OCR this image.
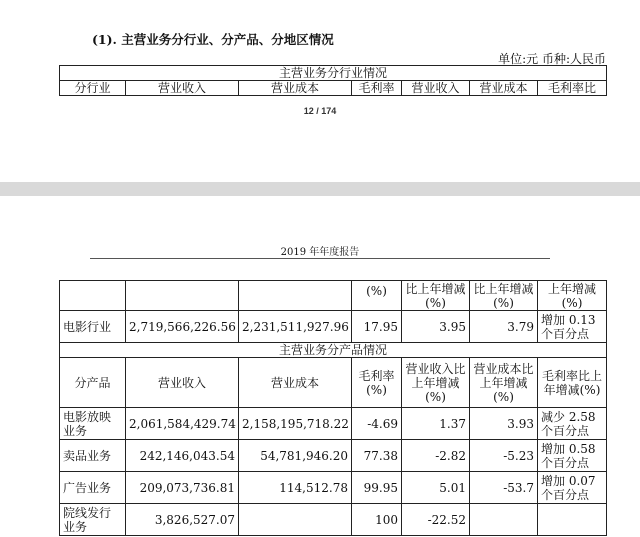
(1). 主营业务分行业、分产品、分地区情况
单位:元 币种:人民币
主营业务分行业情况
分行业	营业收入	营业成本	毛利率	营业收入	营业成本	毛利率比
12 / 174
2019 年年度报告
			(%)	比上年增减(%)	比上年增减(%)	上年增减(%)
电影行业	2,719,566,226.56	2,231,511,927.96	17.95	3.95	3.79	增加 0.13 个百分点
主营业务分产品情况						
分产品	营业收入	营业成本	毛利率(%)	营业收入比上年增减(%)	营业成本比上年增减(%)	毛利率比上年增减(%)
电影放映业务	2,061,584,429.74	2,158,195,718.22	-4.69	1.37	3.93	减少 2.58 个百分点
卖品业务	242,146,043.54	54,781,946.20	77.38	-2.82	-5.23	增加 0.58 个百分点
广告业务	209,073,736.81	114,512.78	99.95	5.01	-53.7	增加 0.07 个百分点
院线发行业务	3,826,527.07		100	-22.52		
